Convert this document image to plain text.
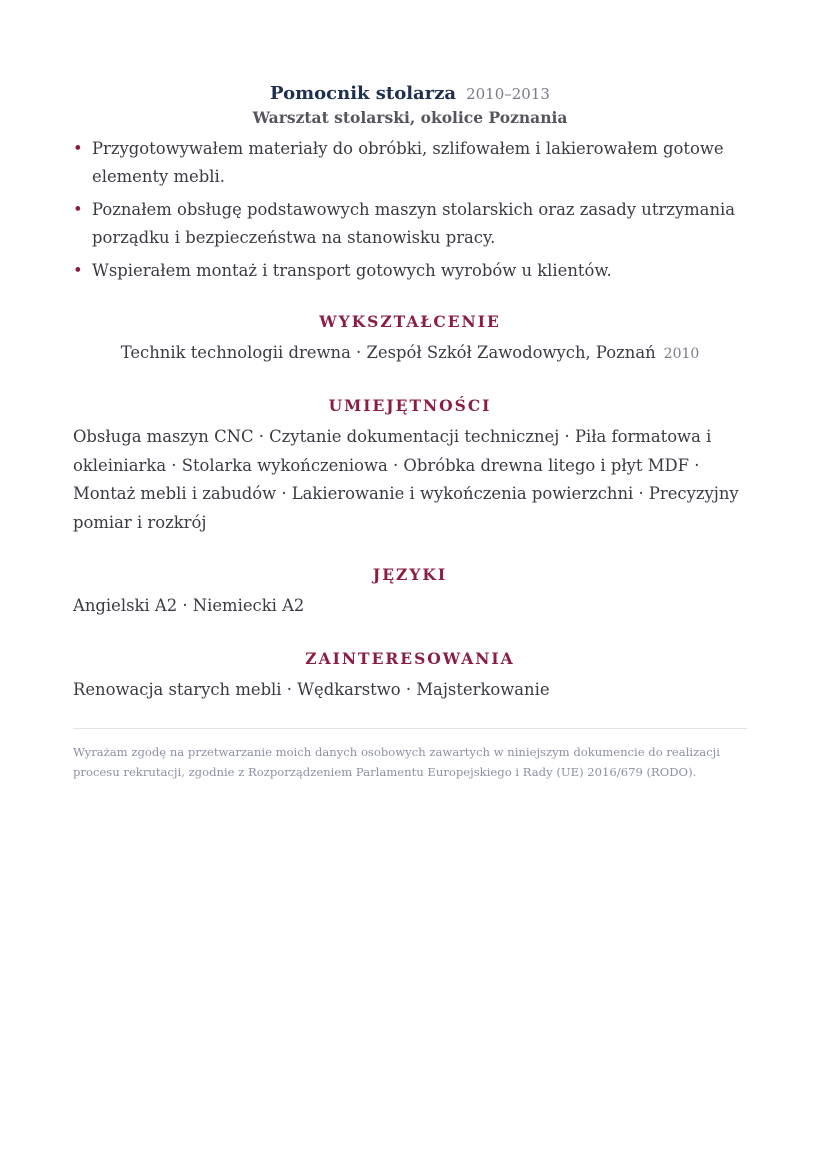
Pomocnik stolarza 2010–2013
Warsztat stolarski, okolice Poznania
• Przygotowywałem materiały do obróbki, szlifowałem i lakierowałem gotowe elementy mebli.
• Poznałem obsługę podstawowych maszyn stolarskich oraz zasady utrzymania porządku i bezpieczeństwa na stanowisku pracy.
• Wspierałem montaż i transport gotowych wyrobów u klientów.
WYKSZTAŁCENIE
Technik technologii drewna · Zespół Szkół Zawodowych, Poznań 2010
UMIEJĘTNOŚCI
Obsługa maszyn CNC · Czytanie dokumentacji technicznej · Piła formatowa i okleiniarka · Stolarka wykończeniowa · Obróbka drewna litego i płyt MDF · Montaż mebli i zabudów · Lakierowanie i wykończenia powierzchni · Precyzyjny pomiar i rozkrój
JĘZYKI
Angielski A2 · Niemiecki A2
ZAINTERESOWANIA
Renowacja starych mebli · Wędkarstwo · Majsterkowanie
Wyrażam zgodę na przetwarzanie moich danych osobowych zawartych w niniejszym dokumencie do realizacji procesu rekrutacji, zgodnie z Rozporządzeniem Parlamentu Europejskiego i Rady (UE) 2016/679 (RODO).
